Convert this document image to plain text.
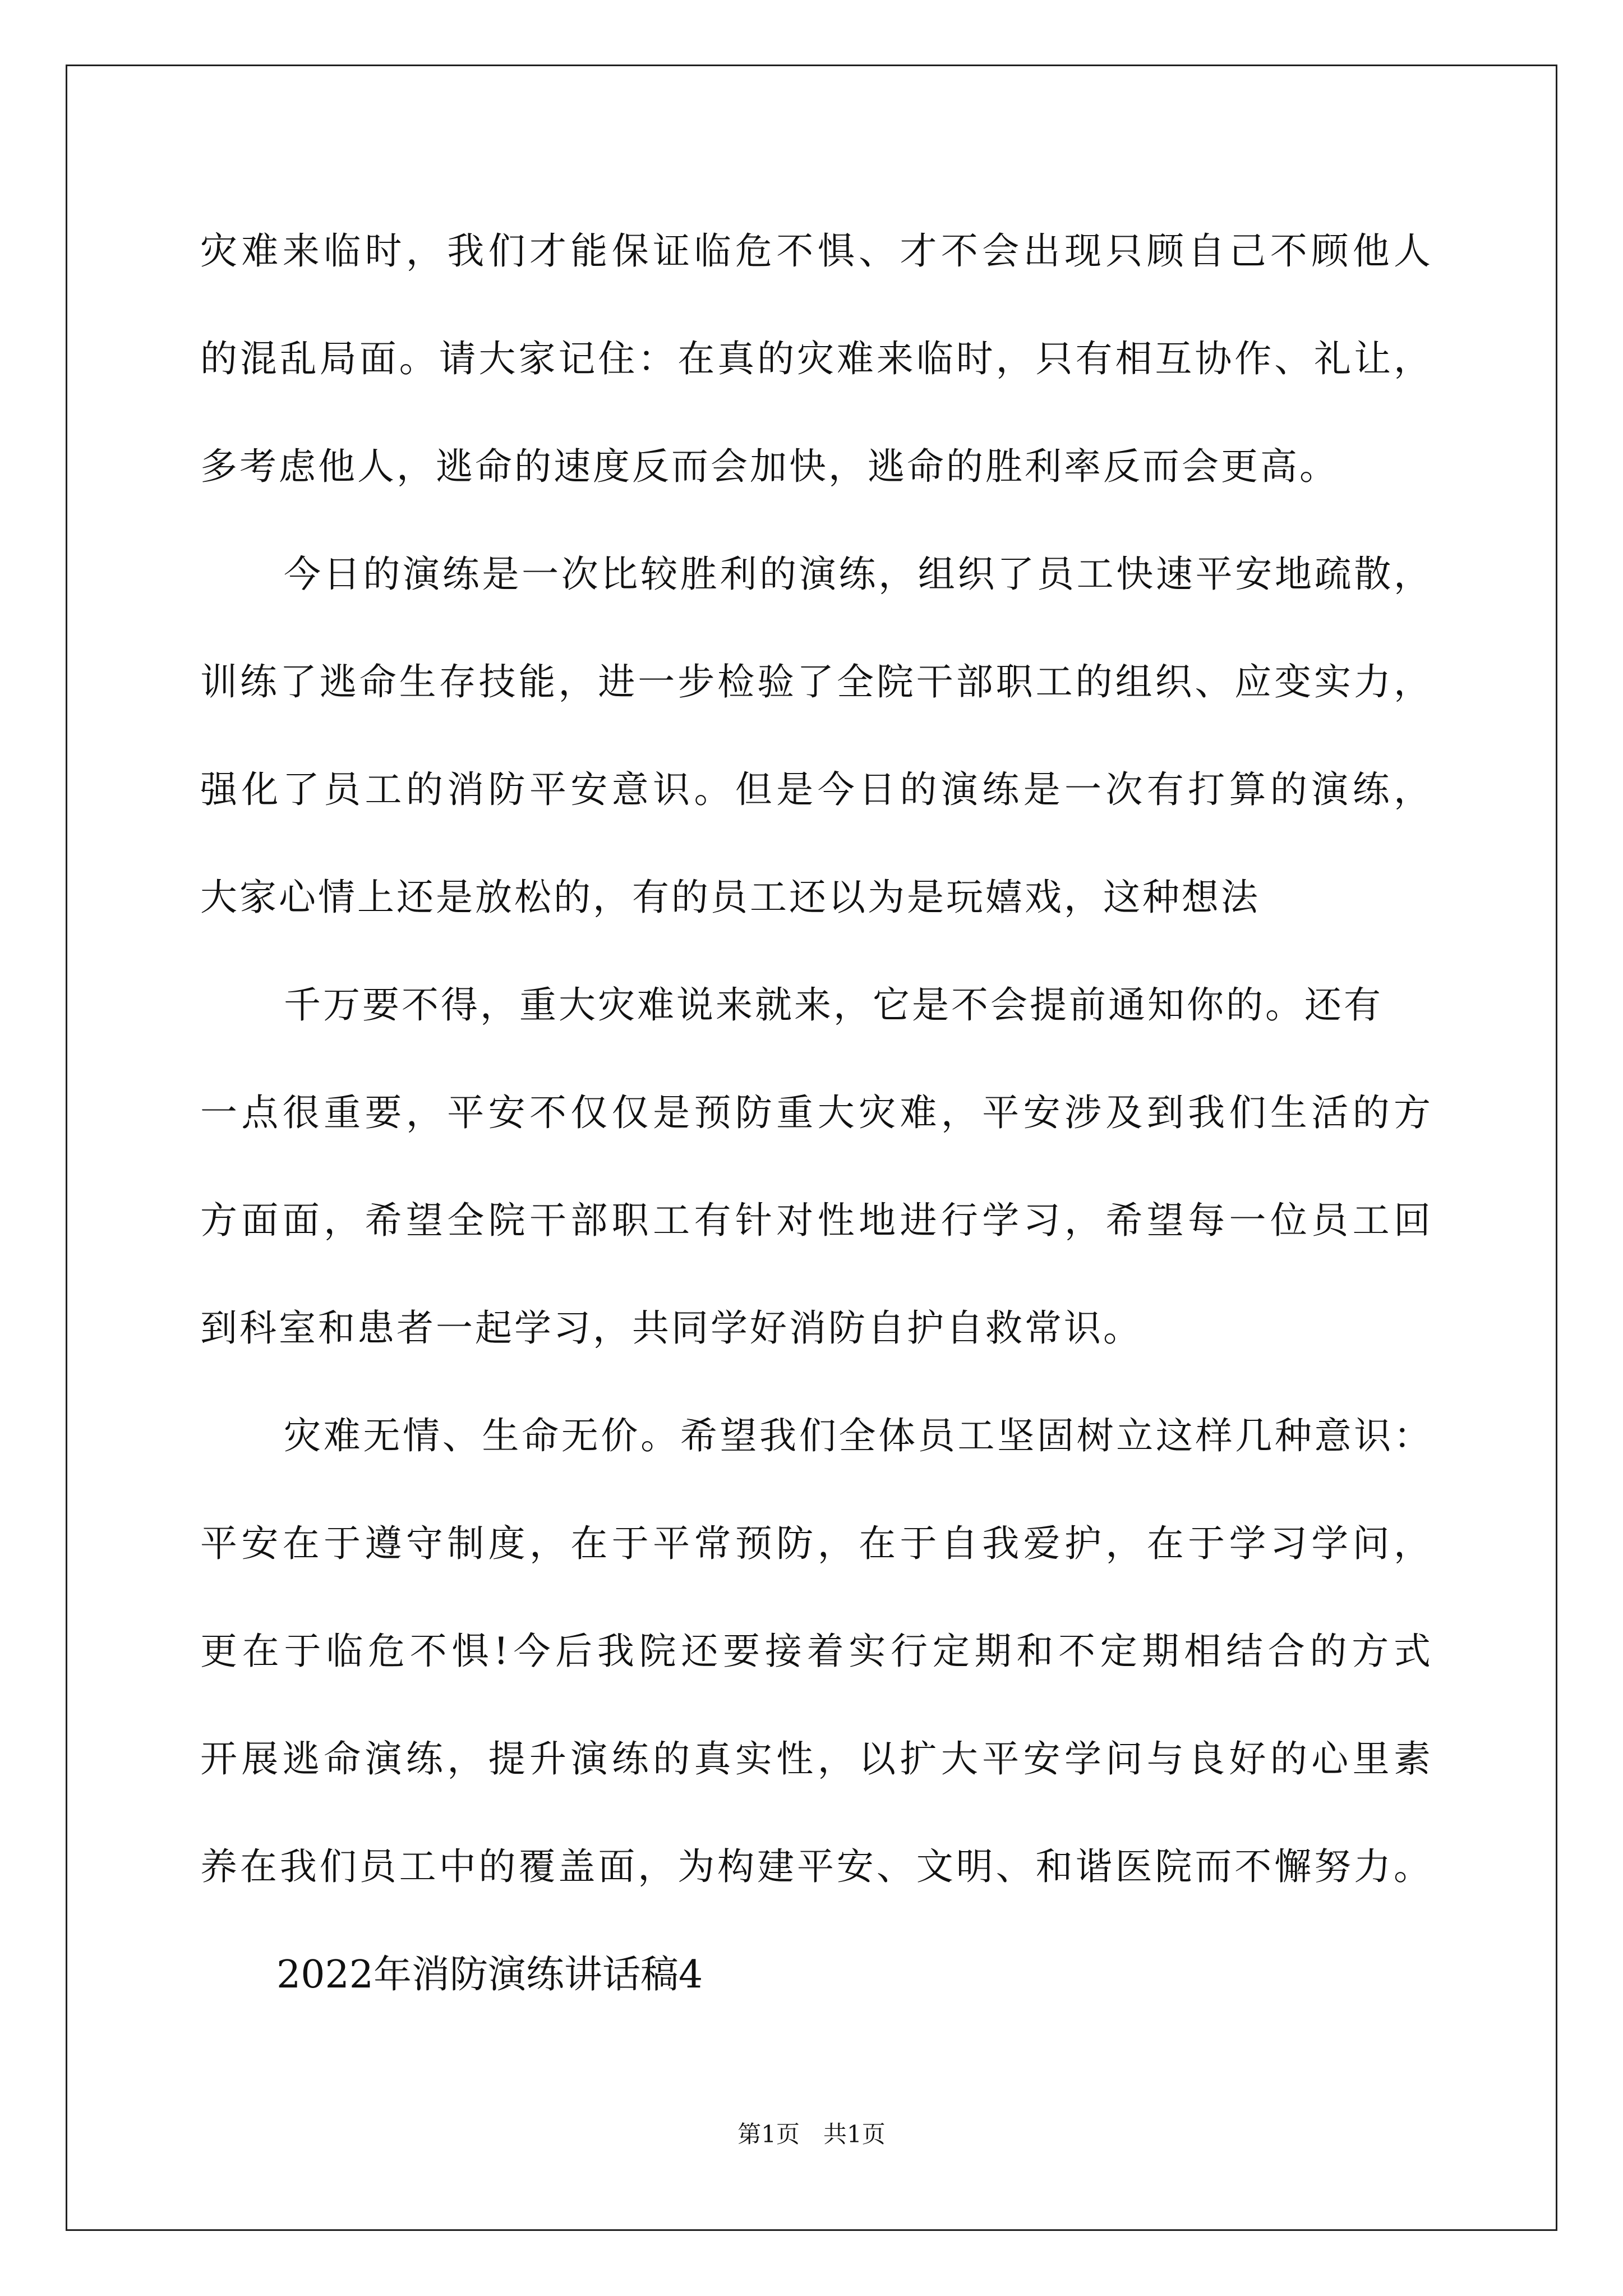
灾难来临时，我们才能保证临危不惧、才不会出现只顾自己不顾他人
的混乱局面。请大家记住：在真的灾难来临时，只有相互协作、礼让，
多考虑他人，逃命的速度反而会加快，逃命的胜利率反而会更高。
今日的演练是一次比较胜利的演练，组织了员工快速平安地疏散，
训练了逃命生存技能，进一步检验了全院干部职工的组织、应变实力，
强化了员工的消防平安意识。但是今日的演练是一次有打算的演练，
大家心情上还是放松的，有的员工还以为是玩嬉戏，这种想法
千万要不得，重大灾难说来就来，它是不会提前通知你的。还有
一点很重要，平安不仅仅是预防重大灾难，平安涉及到我们生活的方
方面面，希望全院干部职工有针对性地进行学习，希望每一位员工回
到科室和患者一起学习，共同学好消防自护自救常识。
灾难无情、生命无价。希望我们全体员工坚固树立这样几种意识：
平安在于遵守制度，在于平常预防，在于自我爱护，在于学习学问，
更在于临危不惧!今后我院还要接着实行定期和不定期相结合的方式
开展逃命演练，提升演练的真实性，以扩大平安学问与良好的心里素
养在我们员工中的覆盖面，为构建平安、文明、和谐医院而不懈努力。
2022年消防演练讲话稿4
第1页　共1页
